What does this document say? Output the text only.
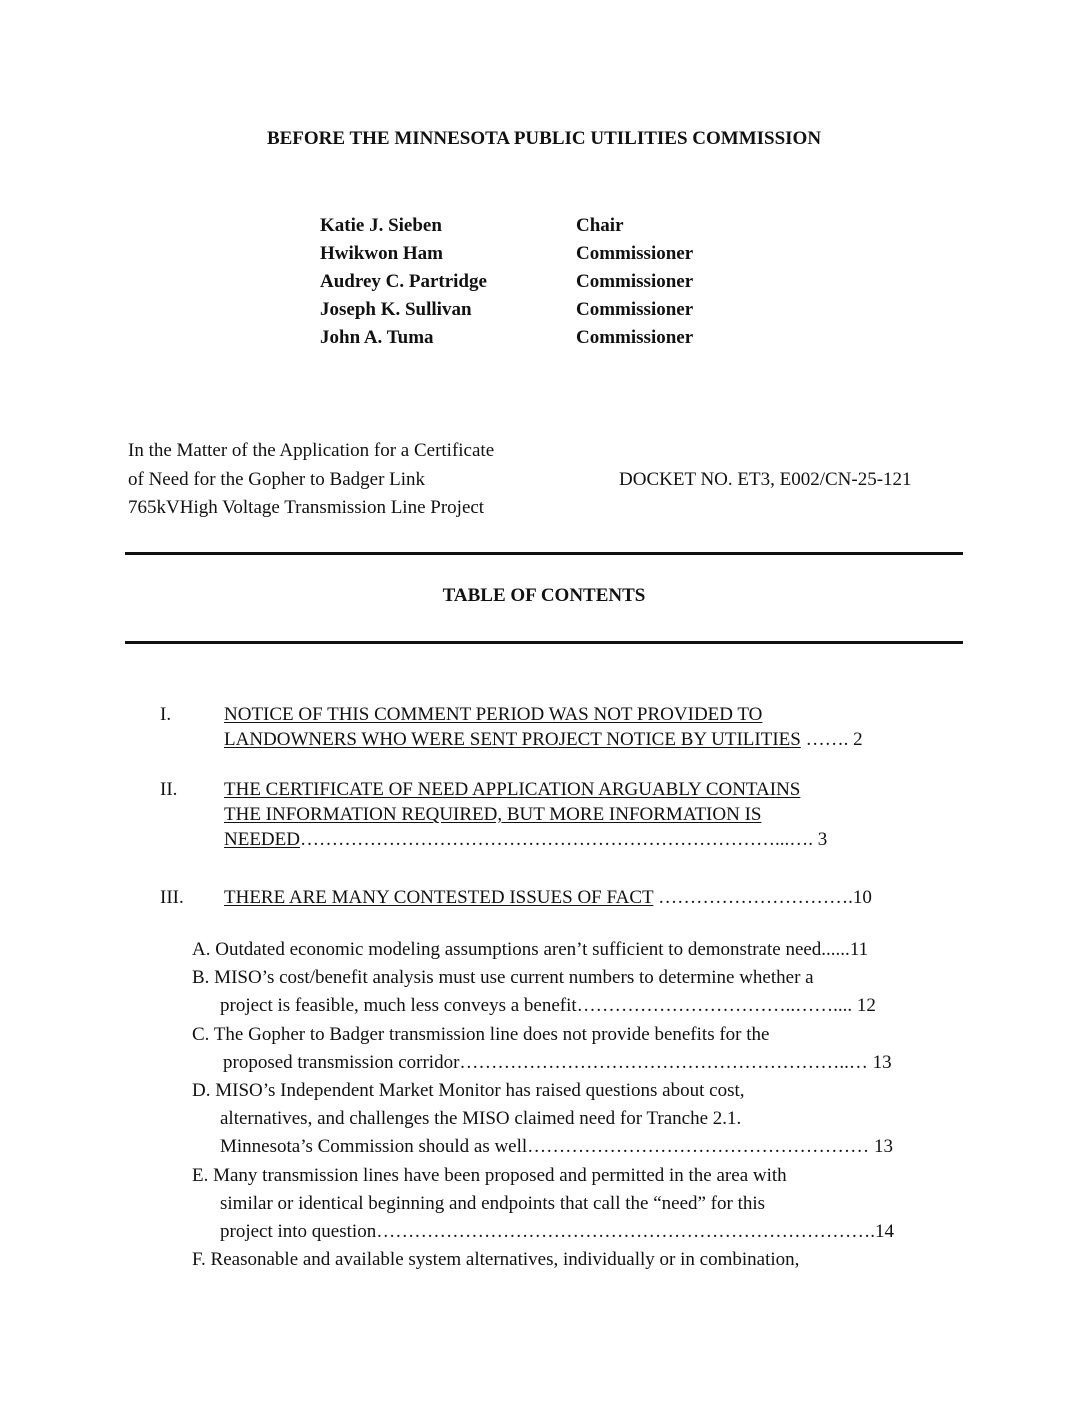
BEFORE THE MINNESOTA PUBLIC UTILITIES COMMISSION
Katie J. Sieben	Chair
Hwikwon Ham	Commissioner
Audrey C. Partridge	Commissioner
Joseph K. Sullivan	Commissioner
John A. Tuma	Commissioner
In the Matter of the Application for a Certificate
of Need for the Gopher to Badger Link
765kVHigh Voltage Transmission Line Project
DOCKET NO. ET3, E002/CN-25-121
TABLE OF CONTENTS
I.	NOTICE OF THIS COMMENT PERIOD WAS NOT PROVIDED TO
LANDOWNERS WHO WERE SENT PROJECT NOTICE BY UTILITIES ……. 2
II. THE CERTIFICATE OF NEED APPLICATION ARGUABLY CONTAINS
THE INFORMATION REQUIRED, BUT MORE INFORMATION IS
NEEDED…………………………………………………………………...…. 3
III. THERE ARE MANY CONTESTED ISSUES OF FACT ………………………….10
A. Outdated economic modeling assumptions aren’t sufficient to demonstrate need......11
B. MISO’s cost/benefit analysis must use current numbers to determine whether a
project is feasible, much less conveys a benefit……………………………..…….... 12
C. The Gopher to Badger transmission line does not provide benefits for the
proposed transmission corridor……………………………………………………..… 13
D. MISO’s Independent Market Monitor has raised questions about cost,
alternatives, and challenges the MISO claimed need for Tranche 2.1.
Minnesota’s Commission should as well……………………………………………… 13
E. Many transmission lines have been proposed and permitted in the area with
similar or identical beginning and endpoints that call the “need” for this
project into question…………………………………………………………………….14
F. Reasonable and available system alternatives, individually or in combination,
